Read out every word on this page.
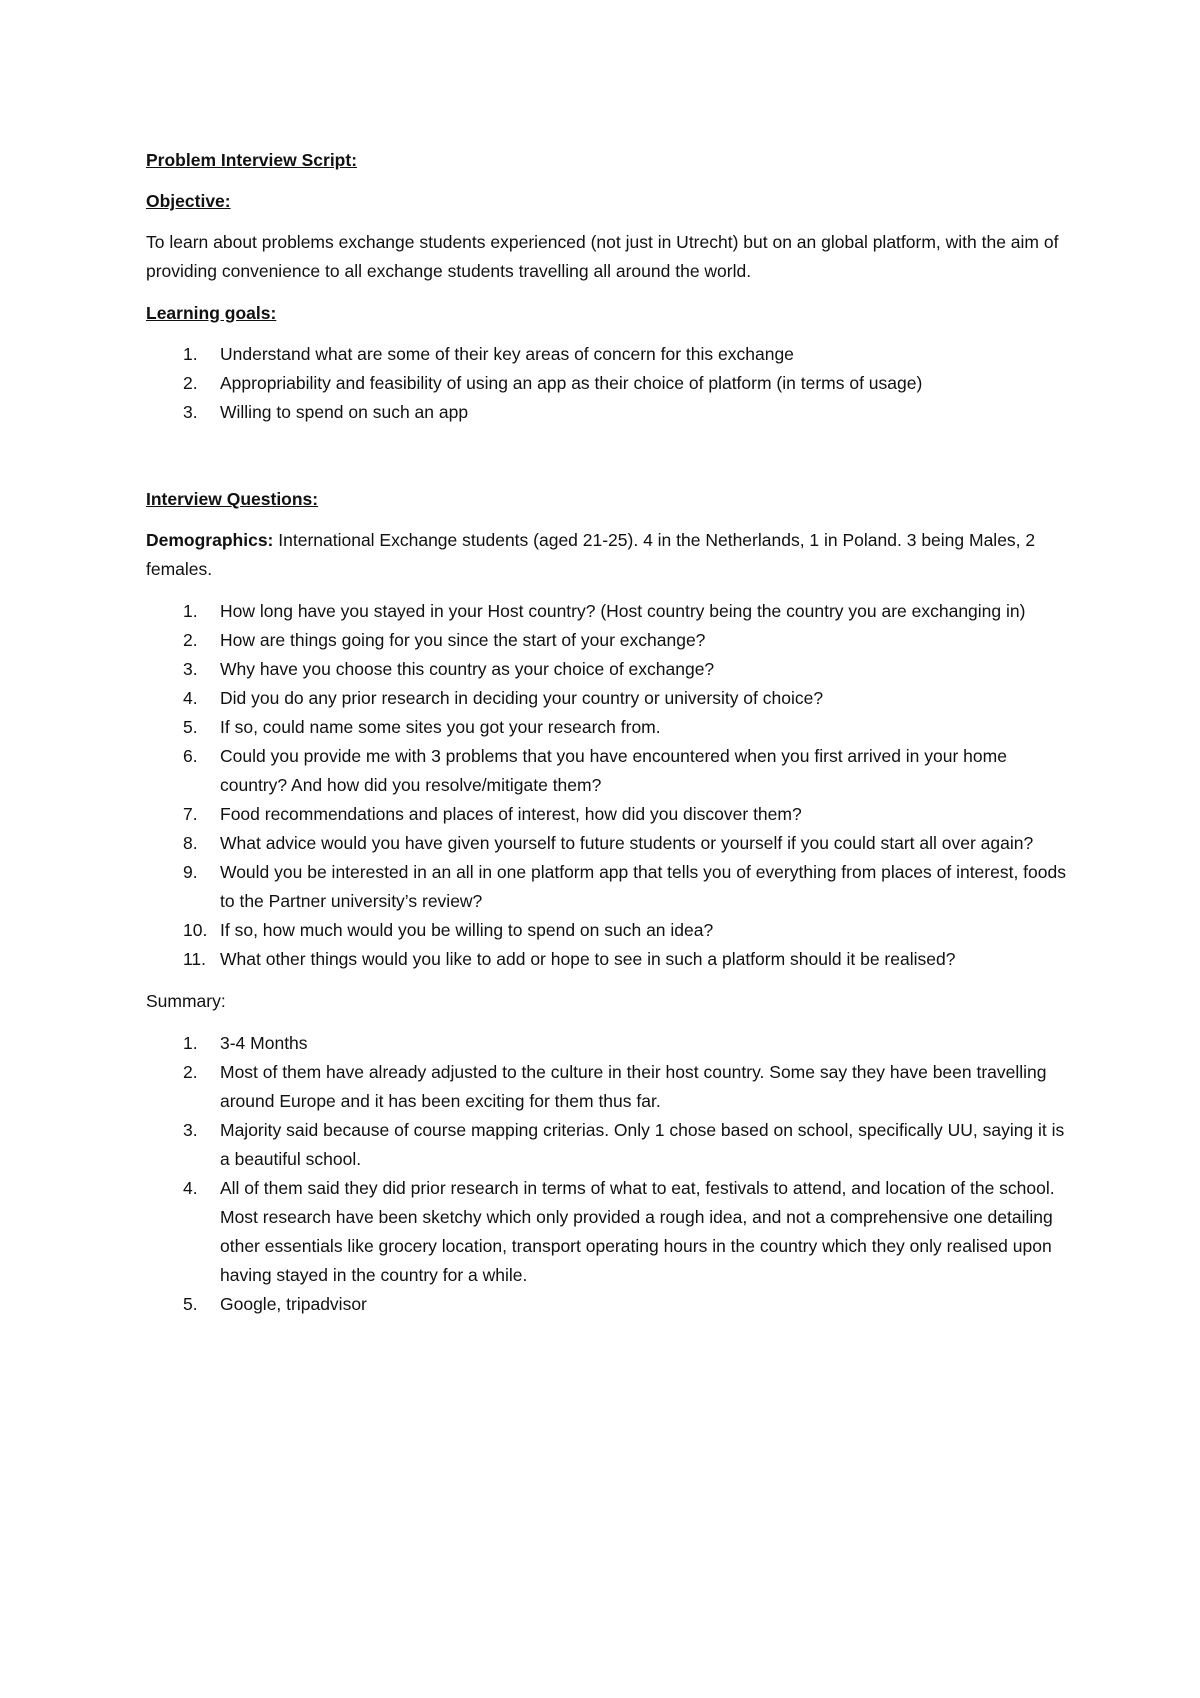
Problem Interview Script:
Objective:
To learn about problems exchange students experienced (not just in Utrecht) but on an global platform, with the aim of providing convenience to all exchange students travelling all around the world.
Learning goals:
1. Understand what are some of their key areas of concern for this exchange
2. Appropriability and feasibility of using an app as their choice of platform (in terms of usage)
3. Willing to spend on such an app
Interview Questions:
Demographics: International Exchange students (aged 21-25). 4 in the Netherlands, 1 in Poland. 3 being Males, 2 females.
1. How long have you stayed in your Host country? (Host country being the country you are exchanging in)
2. How are things going for you since the start of your exchange?
3. Why have you choose this country as your choice of exchange?
4. Did you do any prior research in deciding your country or university of choice?
5. If so, could name some sites you got your research from.
6. Could you provide me with 3 problems that you have encountered when you first arrived in your home country? And how did you resolve/mitigate them?
7. Food recommendations and places of interest, how did you discover them?
8. What advice would you have given yourself to future students or yourself if you could start all over again?
9. Would you be interested in an all in one platform app that tells you of everything from places of interest, foods to the Partner university’s review?
10. If so, how much would you be willing to spend on such an idea?
11. What other things would you like to add or hope to see in such a platform should it be realised?
Summary:
1. 3-4 Months
2. Most of them have already adjusted to the culture in their host country. Some say they have been travelling around Europe and it has been exciting for them thus far.
3. Majority said because of course mapping criterias. Only 1 chose based on school, specifically UU, saying it is a beautiful school.
4. All of them said they did prior research in terms of what to eat, festivals to attend, and location of the school. Most research have been sketchy which only provided a rough idea, and not a comprehensive one detailing other essentials like grocery location, transport operating hours in the country which they only realised upon having stayed in the country for a while.
5. Google, tripadvisor
